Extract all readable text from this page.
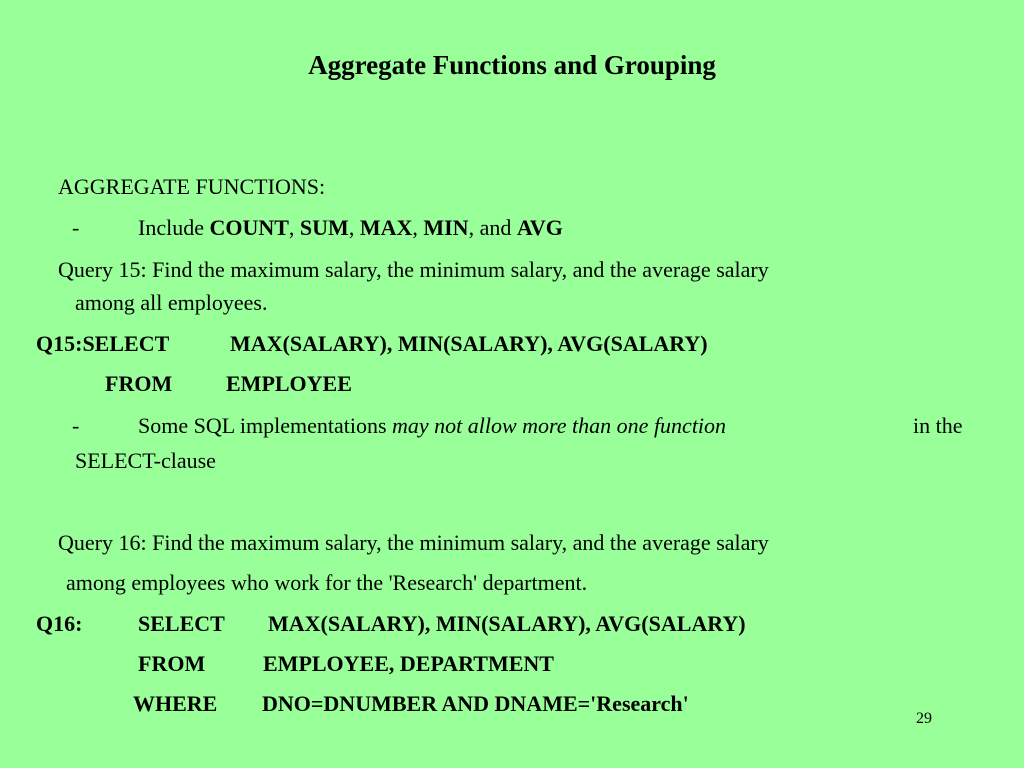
Aggregate Functions and Grouping
AGGREGATE FUNCTIONS:
-	Include COUNT, SUM, MAX, MIN, and AVG
Query 15: Find the maximum salary, the minimum salary, and the average salary
among all employees.
Q15:SELECT	MAX(SALARY), MIN(SALARY), AVG(SALARY)
FROM EMPLOYEE
-	Some SQL implementations may not allow more than one function	in the
SELECT-clause
Query 16: Find the maximum salary, the minimum salary, and the average salary
among employees who work for the 'Research' department.
Q16:	SELECT MAX(SALARY), MIN(SALARY), AVG(SALARY)
FROM	EMPLOYEE, DEPARTMENT
WHERE DNO=DNUMBER AND DNAME='Research'
29
